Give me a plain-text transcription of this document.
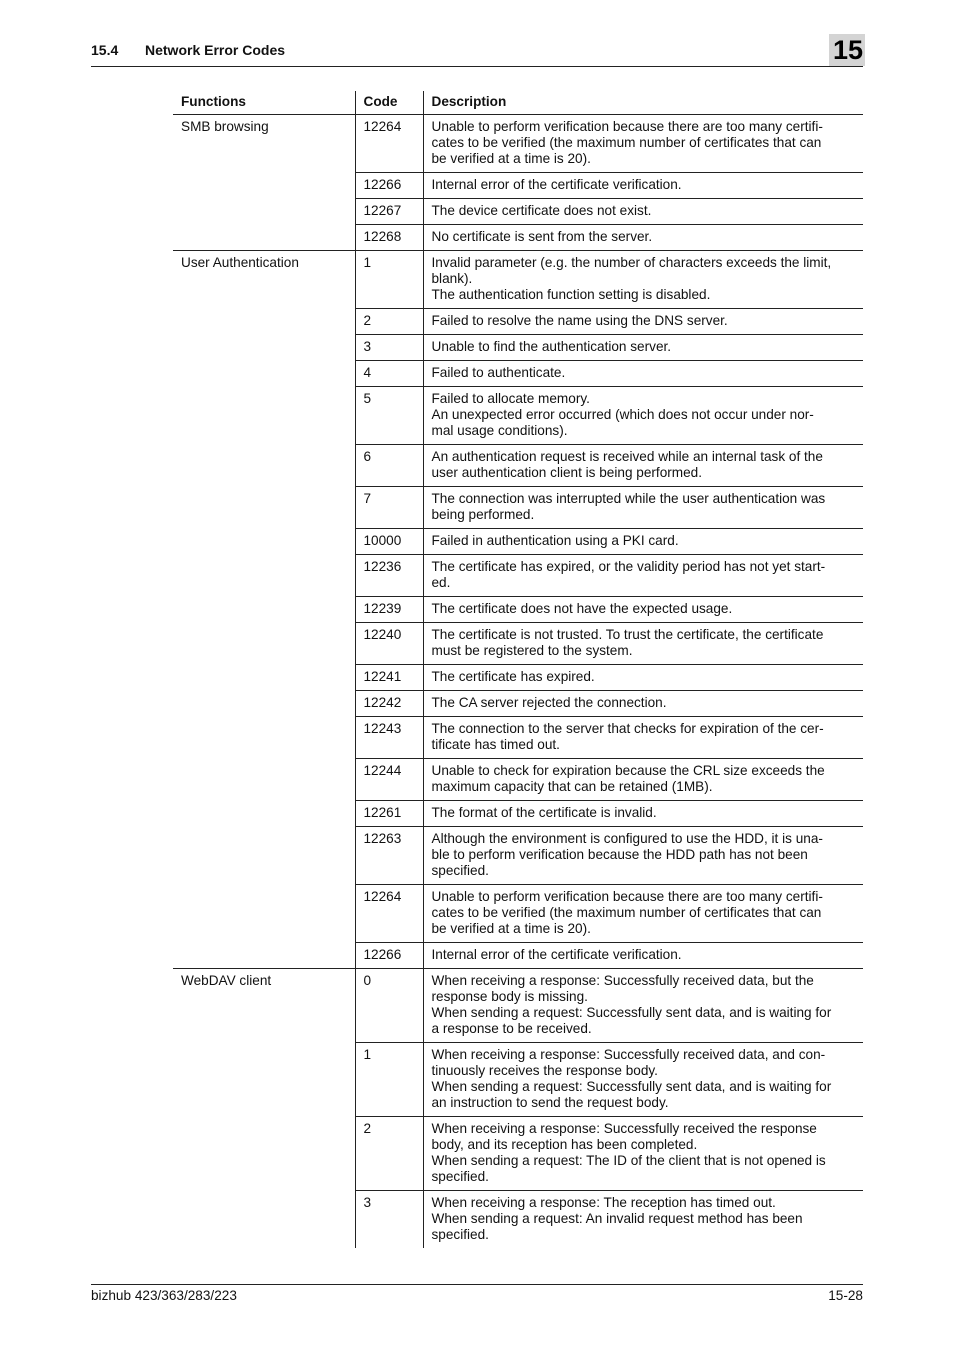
15.4 Network Error Codes	15
Functions	Code	Description
SMB browsing	12264	Unable to perform verification because there are too many certifi-
cates to be verified (the maximum number of certificates that can
be verified at a time is 20).
	12266	Internal error of the certificate verification.
	12267	The device certificate does not exist.
	12268	No certificate is sent from the server.
User Authentication	1	Invalid parameter (e.g. the number of characters exceeds the limit,
blank).
The authentication function setting is disabled.
	2	Failed to resolve the name using the DNS server.
	3	Unable to find the authentication server.
	4	Failed to authenticate.
	5	Failed to allocate memory.
An unexpected error occurred (which does not occur under nor-
mal usage conditions).
	6	An authentication request is received while an internal task of the
user authentication client is being performed.
	7	The connection was interrupted while the user authentication was
being performed.
	10000	Failed in authentication using a PKI card.
	12236	The certificate has expired, or the validity period has not yet start-
ed.
	12239	The certificate does not have the expected usage.
	12240	The certificate is not trusted. To trust the certificate, the certificate
must be registered to the system.
	12241	The certificate has expired.
	12242	The CA server rejected the connection.
	12243	The connection to the server that checks for expiration of the cer-
tificate has timed out.
	12244	Unable to check for expiration because the CRL size exceeds the
maximum capacity that can be retained (1MB).
	12261	The format of the certificate is invalid.
	12263	Although the environment is configured to use the HDD, it is una-
ble to perform verification because the HDD path has not been
specified.
	12264	Unable to perform verification because there are too many certifi-
cates to be verified (the maximum number of certificates that can
be verified at a time is 20).
	12266	Internal error of the certificate verification.
WebDAV client	0	When receiving a response: Successfully received data, but the
response body is missing.
When sending a request: Successfully sent data, and is waiting for
a response to be received.
	1	When receiving a response: Successfully received data, and con-
tinuously receives the response body.
When sending a request: Successfully sent data, and is waiting for
an instruction to send the request body.
	2	When receiving a response: Successfully received the response
body, and its reception has been completed.
When sending a request: The ID of the client that is not opened is
specified.
	3	When receiving a response: The reception has timed out.
When sending a request: An invalid request method has been
specified.
bizhub 423/363/283/223	15-28
